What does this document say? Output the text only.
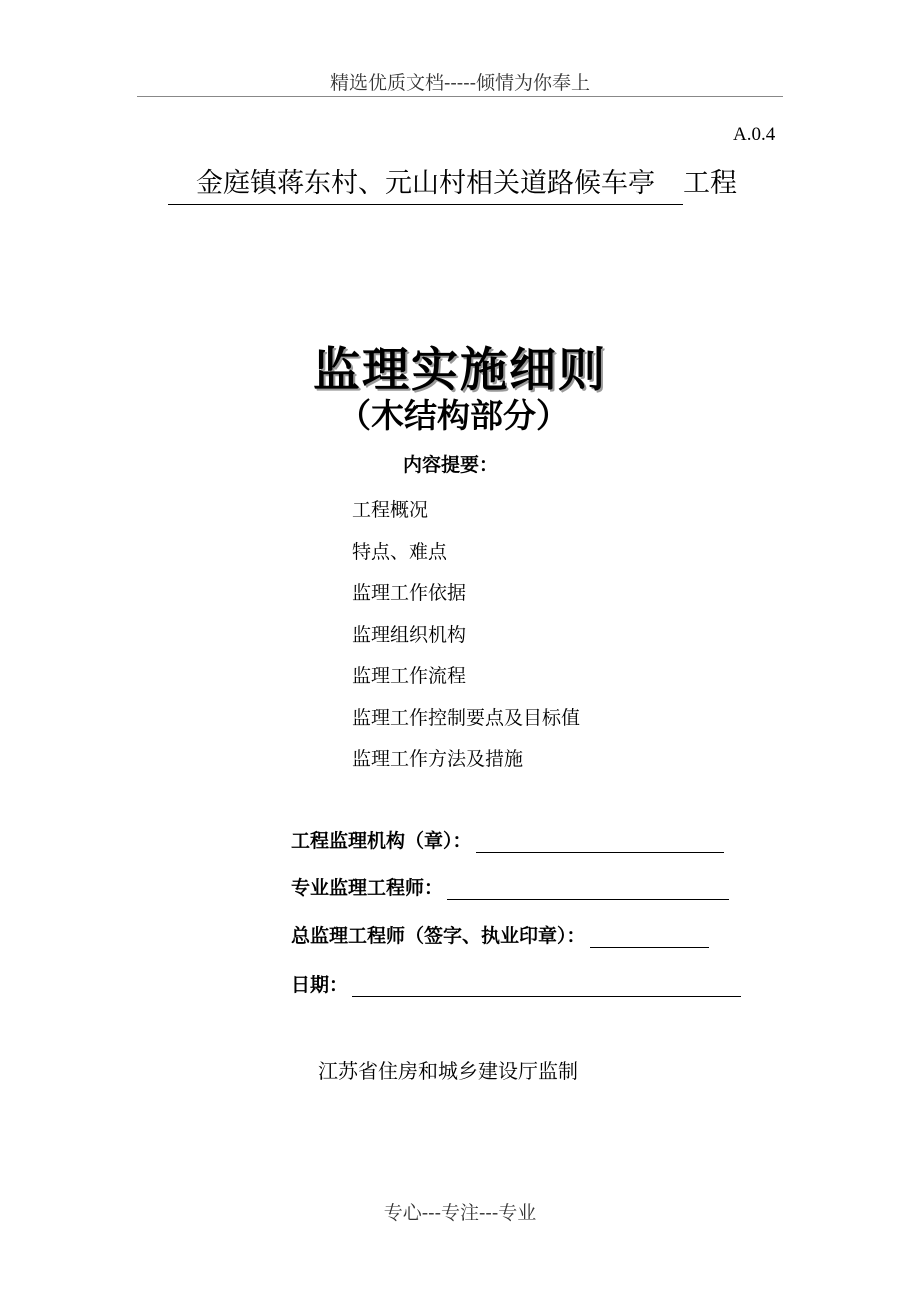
精选优质文档-----倾情为你奉上
A.0.4
金庭镇蒋东村、元山村相关道路候车亭 工程
监理实施细则
（木结构部分）
内容提要：
工程概况
特点、难点
监理工作依据
监理组织机构
监理工作流程
监理工作控制要点及目标值
监理工作方法及措施
工程监理机构（章）：
专业监理工程师：
总监理工程师（签字、执业印章）：
日期：
江苏省住房和城乡建设厅监制
专心---专注---专业
